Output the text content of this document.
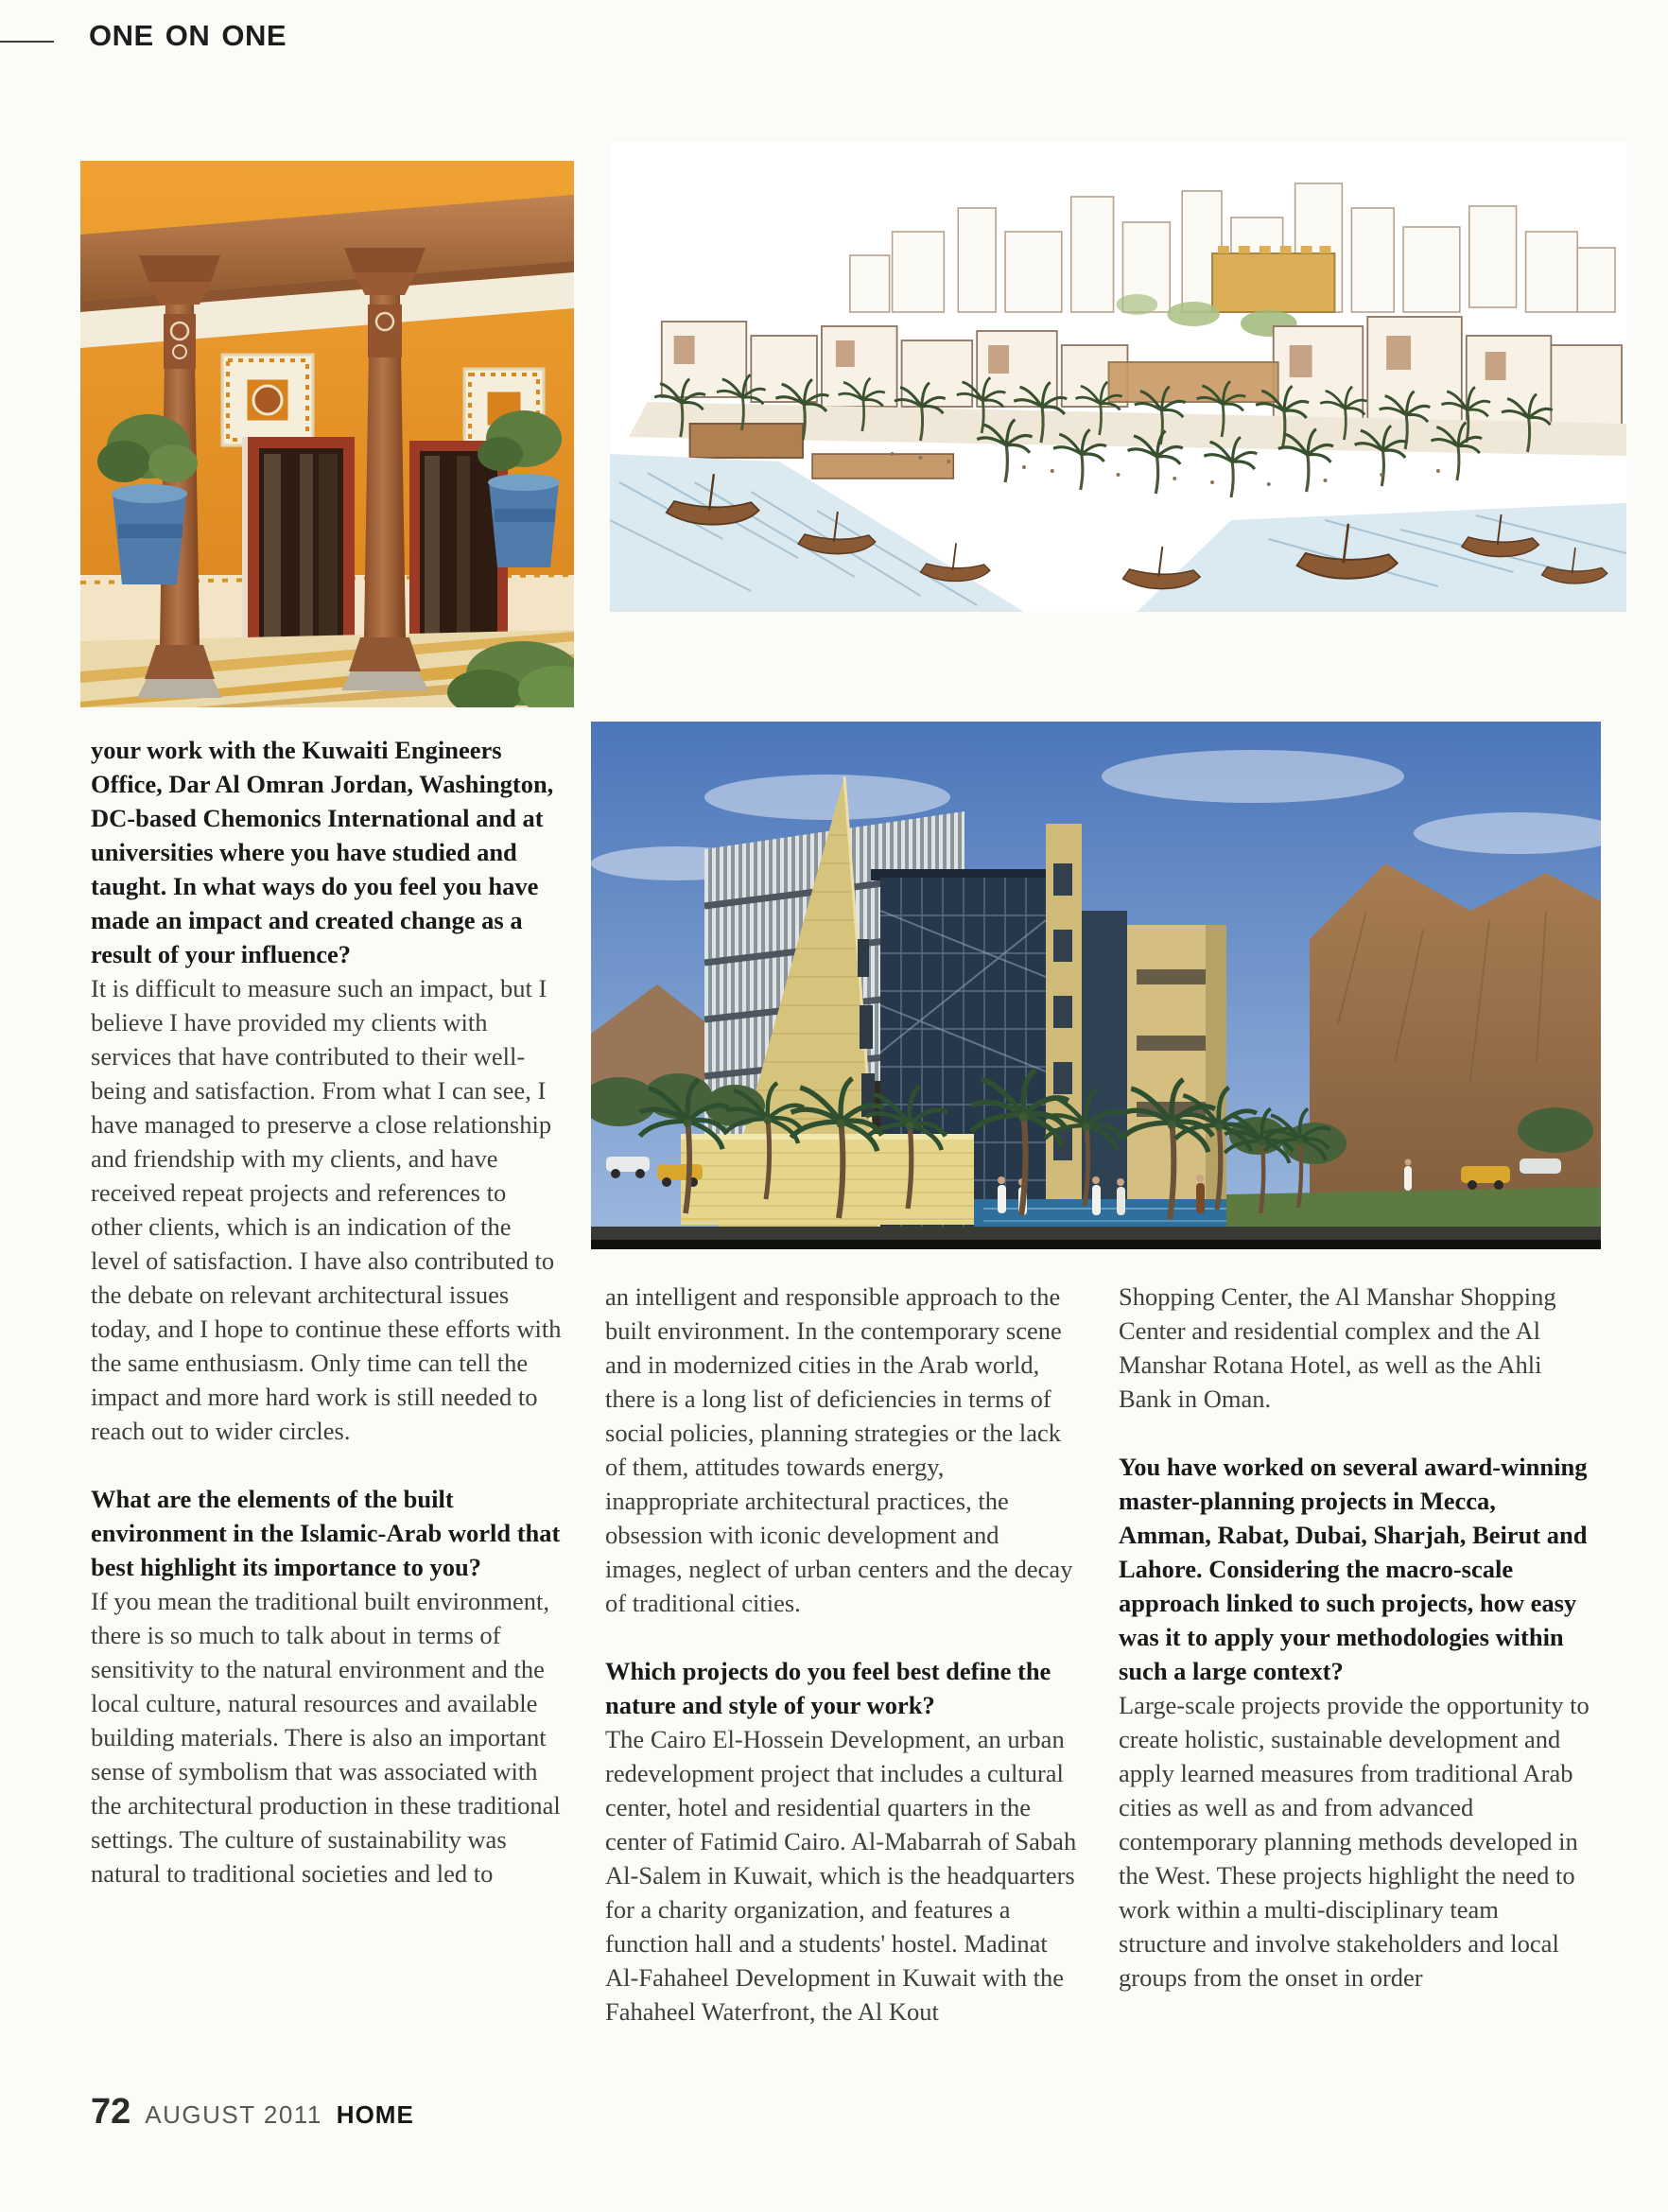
ONE ON ONE

your work with the Kuwaiti Engineers Office, Dar Al Omran Jordan, Washington, DC-based Chemonics International and at universities where you have studied and taught. In what ways do you feel you have made an impact and created change as a result of your influence?

It is difficult to measure such an impact, but I believe I have provided my clients with services that have contributed to their well-being and satisfaction. From what I can see, I have managed to preserve a close relationship and friendship with my clients, and have received repeat projects and references to other clients, which is an indication of the level of satisfaction. I have also contributed to the debate on relevant architectural issues today, and I hope to continue these efforts with the same enthusiasm. Only time can tell the impact and more hard work is still needed to reach out to wider circles.

What are the elements of the built environment in the Islamic-Arab world that best highlight its importance to you?

If you mean the traditional built environment, there is so much to talk about in terms of sensitivity to the natural environment and the local culture, natural resources and available building materials. There is also an important sense of symbolism that was associated with the architectural production in these traditional settings. The culture of sustainability was natural to traditional societies and led to

an intelligent and responsible approach to the built environment. In the contemporary scene and in modernized cities in the Arab world, there is a long list of deficiencies in terms of social policies, planning strategies or the lack of them, attitudes towards energy, inappropriate architectural practices, the obsession with iconic development and images, neglect of urban centers and the decay of traditional cities.

Which projects do you feel best define the nature and style of your work?

The Cairo El-Hossein Development, an urban redevelopment project that includes a cultural center, hotel and residential quarters in the center of Fatimid Cairo. Al-Mabarrah of Sabah Al-Salem in Kuwait, which is the headquarters for a charity organization, and features a function hall and a students' hostel. Madinat Al-Fahaheel Development in Kuwait with the Fahaheel Waterfront, the Al Kout

Shopping Center, the Al Manshar Shopping Center and residential complex and the Al Manshar Rotana Hotel, as well as the Ahli Bank in Oman.

You have worked on several award-winning master-planning projects in Mecca, Amman, Rabat, Dubai, Sharjah, Beirut and Lahore. Considering the macro-scale approach linked to such projects, how easy was it to apply your methodologies within such a large context?

Large-scale projects provide the opportunity to create holistic, sustainable development and apply learned measures from traditional Arab cities as well as and from advanced contemporary planning methods developed in the West. These projects highlight the need to work within a multi-disciplinary team structure and involve stakeholders and local groups from the onset in order

72 AUGUST 2011 HOME
